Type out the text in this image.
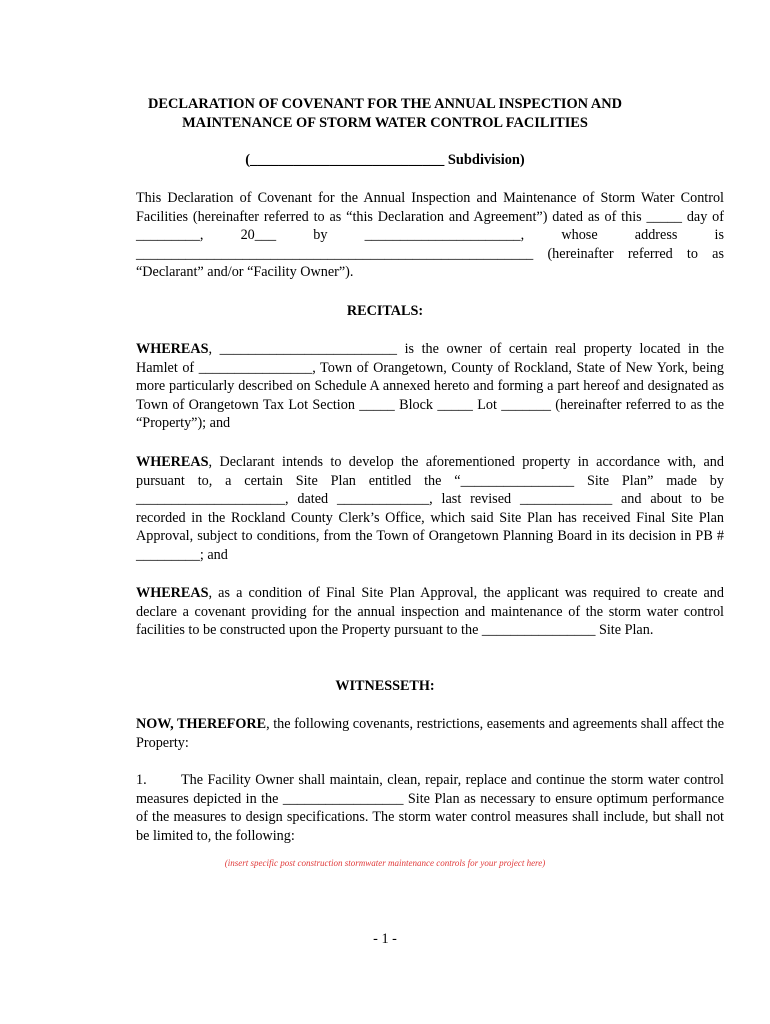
DECLARATION OF COVENANT FOR THE ANNUAL INSPECTION AND
MAINTENANCE OF STORM WATER CONTROL FACILITIES
(___________________________ Subdivision)
This Declaration of Covenant for the Annual Inspection and Maintenance of Storm Water Control Facilities (hereinafter referred to as “this Declaration and Agreement”) dated as of this _____ day of _________, 20___ by ______________________, whose address is ________________________________________________________ (hereinafter referred to as “Declarant” and/or “Facility Owner”).
RECITALS:
WHEREAS, _________________________ is the owner of certain real property located in the Hamlet of ________________, Town of Orangetown, County of Rockland, State of New York, being more particularly described on Schedule A annexed hereto and forming a part hereof and designated as Town of Orangetown Tax Lot Section _____ Block _____ Lot _______ (hereinafter referred to as the “Property”); and
WHEREAS, Declarant intends to develop the aforementioned property in accordance with, and pursuant to, a certain Site Plan entitled the “________________ Site Plan” made by _____________________, dated _____________, last revised _____________ and about to be recorded in the Rockland County Clerk’s Office, which said Site Plan has received Final Site Plan Approval, subject to conditions, from the Town of Orangetown Planning Board in its decision in PB # _________; and
WHEREAS, as a condition of Final Site Plan Approval, the applicant was required to create and declare a covenant providing for the annual inspection and maintenance of the storm water control facilities to be constructed upon the Property pursuant to the ________________ Site Plan.
WITNESSETH:
NOW, THEREFORE, the following covenants, restrictions, easements and agreements shall affect the Property:
1. The Facility Owner shall maintain, clean, repair, replace and continue the storm water control measures depicted in the _________________ Site Plan as necessary to ensure optimum performance of the measures to design specifications. The storm water control measures shall include, but shall not be limited to, the following:
(insert specific post construction stormwater maintenance controls for your project here)
- 1 -
